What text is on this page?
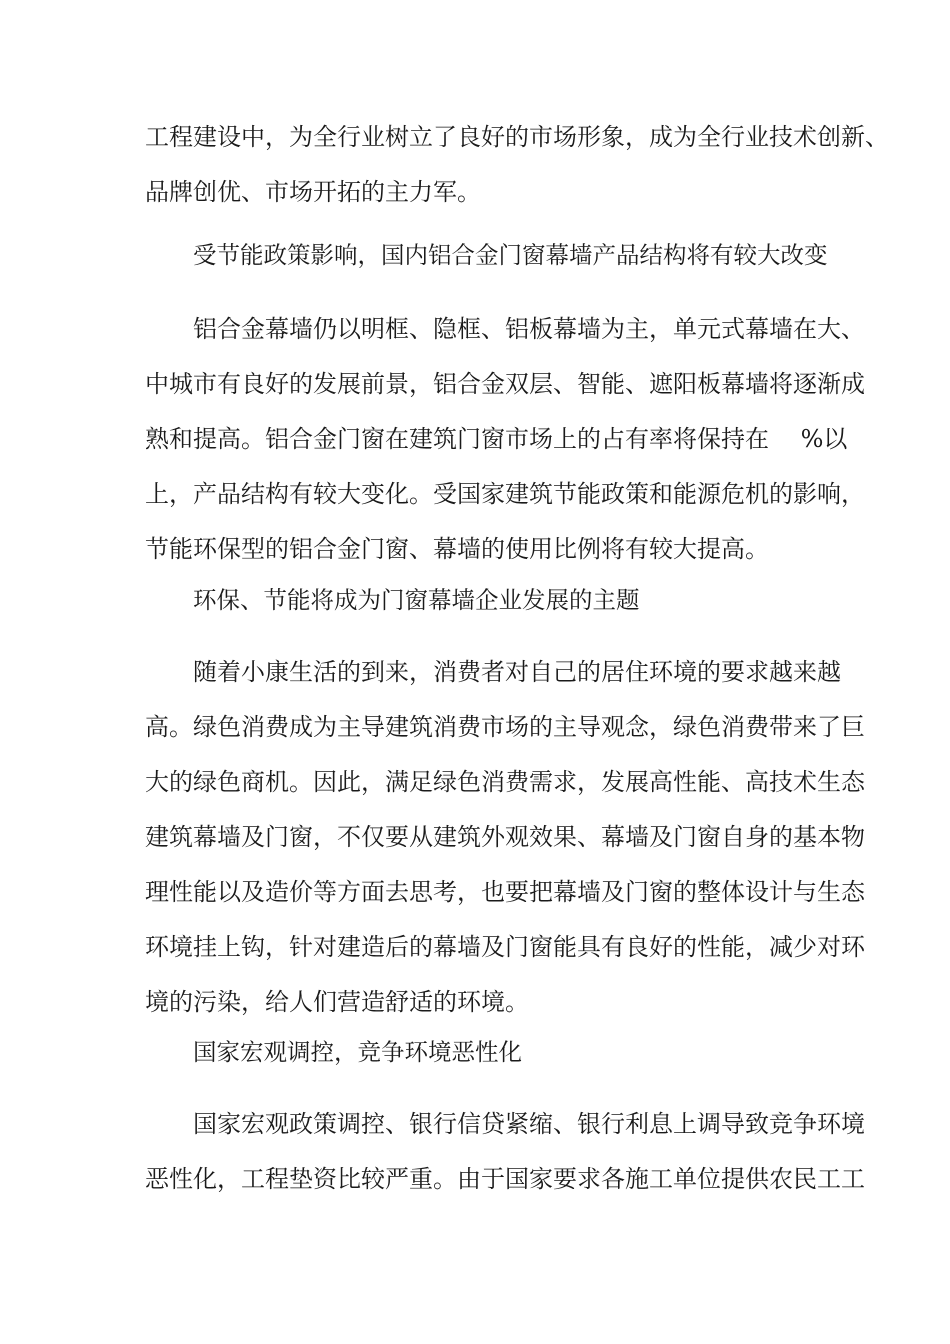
工程建设中，为全行业树立了良好的市场形象，成为全行业技术创新、
品牌创优、市场开拓的主力军。
受节能政策影响，国内铝合金门窗幕墙产品结构将有较大改变
铝合金幕墙仍以明框、隐框、铝板幕墙为主，单元式幕墙在大、
中城市有良好的发展前景，铝合金双层、智能、遮阳板幕墙将逐渐成
熟和提高。铝合金门窗在建筑门窗市场上的占有率将保持在　 %以
上，产品结构有较大变化。受国家建筑节能政策和能源危机的影响，
节能环保型的铝合金门窗、幕墙的使用比例将有较大提高。
环保、节能将成为门窗幕墙企业发展的主题
随着小康生活的到来，消费者对自己的居住环境的要求越来越
高。绿色消费成为主导建筑消费市场的主导观念，绿色消费带来了巨
大的绿色商机。因此，满足绿色消费需求，发展高性能、高技术生态
建筑幕墙及门窗，不仅要从建筑外观效果、幕墙及门窗自身的基本物
理性能以及造价等方面去思考，也要把幕墙及门窗的整体设计与生态
环境挂上钩，针对建造后的幕墙及门窗能具有良好的性能，减少对环
境的污染，给人们营造舒适的环境。
国家宏观调控，竞争环境恶性化
国家宏观政策调控、银行信贷紧缩、银行利息上调导致竞争环境
恶性化，工程垫资比较严重。由于国家要求各施工单位提供农民工工
